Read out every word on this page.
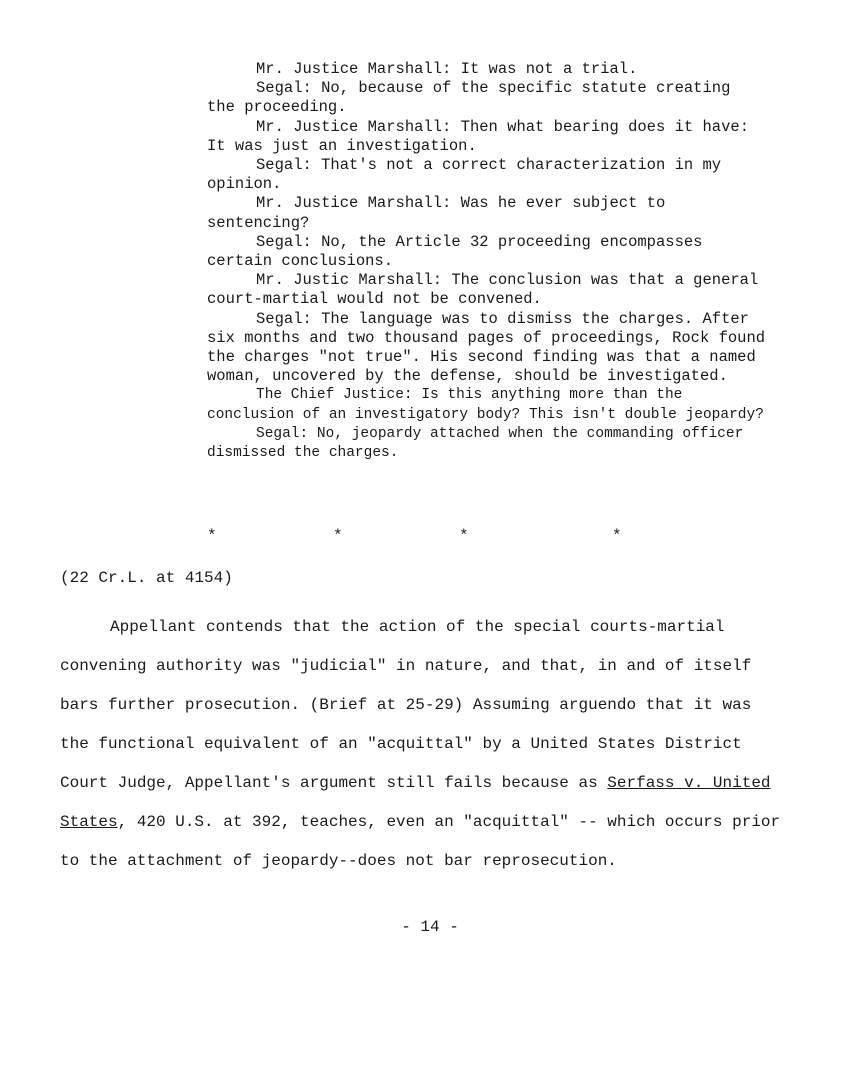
Mr. Justice Marshall: It was not a trial.

Segal: No, because of the specific statute creating the proceeding.

Mr. Justice Marshall: Then what bearing does it have: It was just an investigation.

Segal: That's not a correct characterization in my opinion.

Mr. Justice Marshall: Was he ever subject to sentencing?

Segal: No, the Article 32 proceeding encompasses certain conclusions.

Mr. Justic Marshall: The conclusion was that a general court-martial would not be convened.

Segal: The language was to dismiss the charges. After six months and two thousand pages of proceedings, Rock found the charges "not true". His second finding was that a named woman, uncovered by the defense, should be investigated.

The Chief Justice: Is this anything more than the conclusion of an investigatory body? This isn't double jeopardy?

Segal: No, jeopardy attached when the commanding officer dismissed the charges.

*	*	*	*
(22 Cr.L. at 4154)
Appellant contends that the action of the special courts-martial
convening authority was "judicial" in nature, and that, in and of itself
bars further prosecution. (Brief at 25-29) Assuming arguendo that it was
the functional equivalent of an "acquittal" by a United States District
Court Judge, Appellant's argument still fails because as Serfass v. United
States, 420 U.S. at 392, teaches, even an "acquittal" -- which occurs prior
to the attachment of jeopardy--does not bar reprosecution.
- 14 -
